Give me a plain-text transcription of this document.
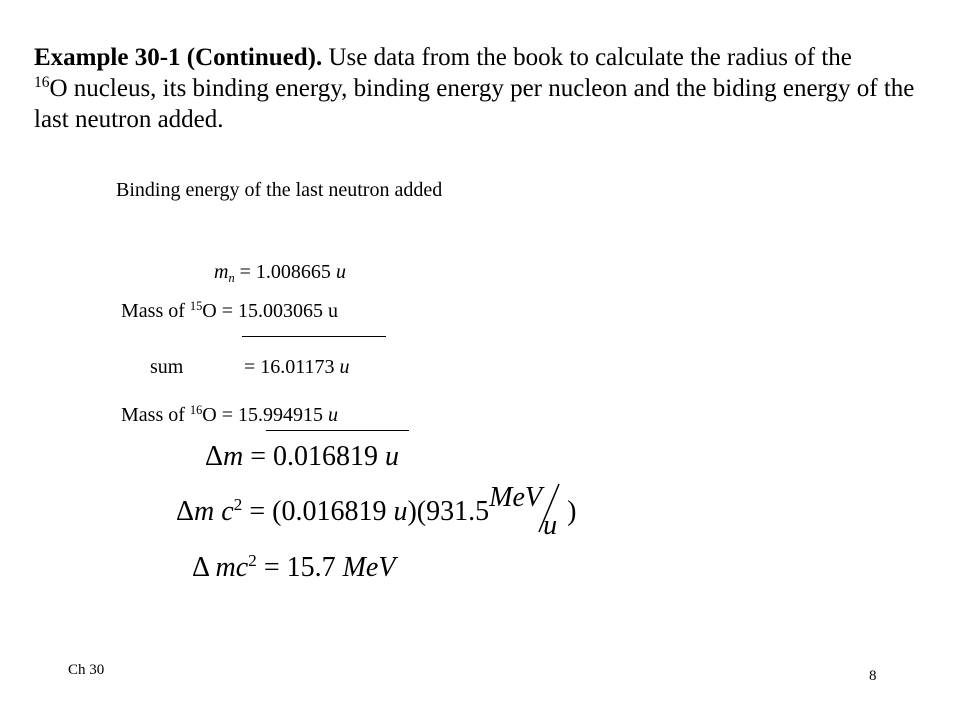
Example 30-1 (Continued). Use data from the book to calculate the radius of the
$^{16}$O nucleus, its binding energy, binding energy per nucleon and the biding energy of the last neutron added.
Binding energy of the last neutron added
$m_n = 1.008665$ u
Mass of $^{15}$O = 15.003065 u
sum	= 16.01173 u
Mass of $^{16}$O = 15.994915 u
Δm = 0.016819 u
Δm $c^2 = (0.016819$ u)(931.5 MeV
u )
Δ $mc^2 = 15.7$ MeV
Ch 30	8
